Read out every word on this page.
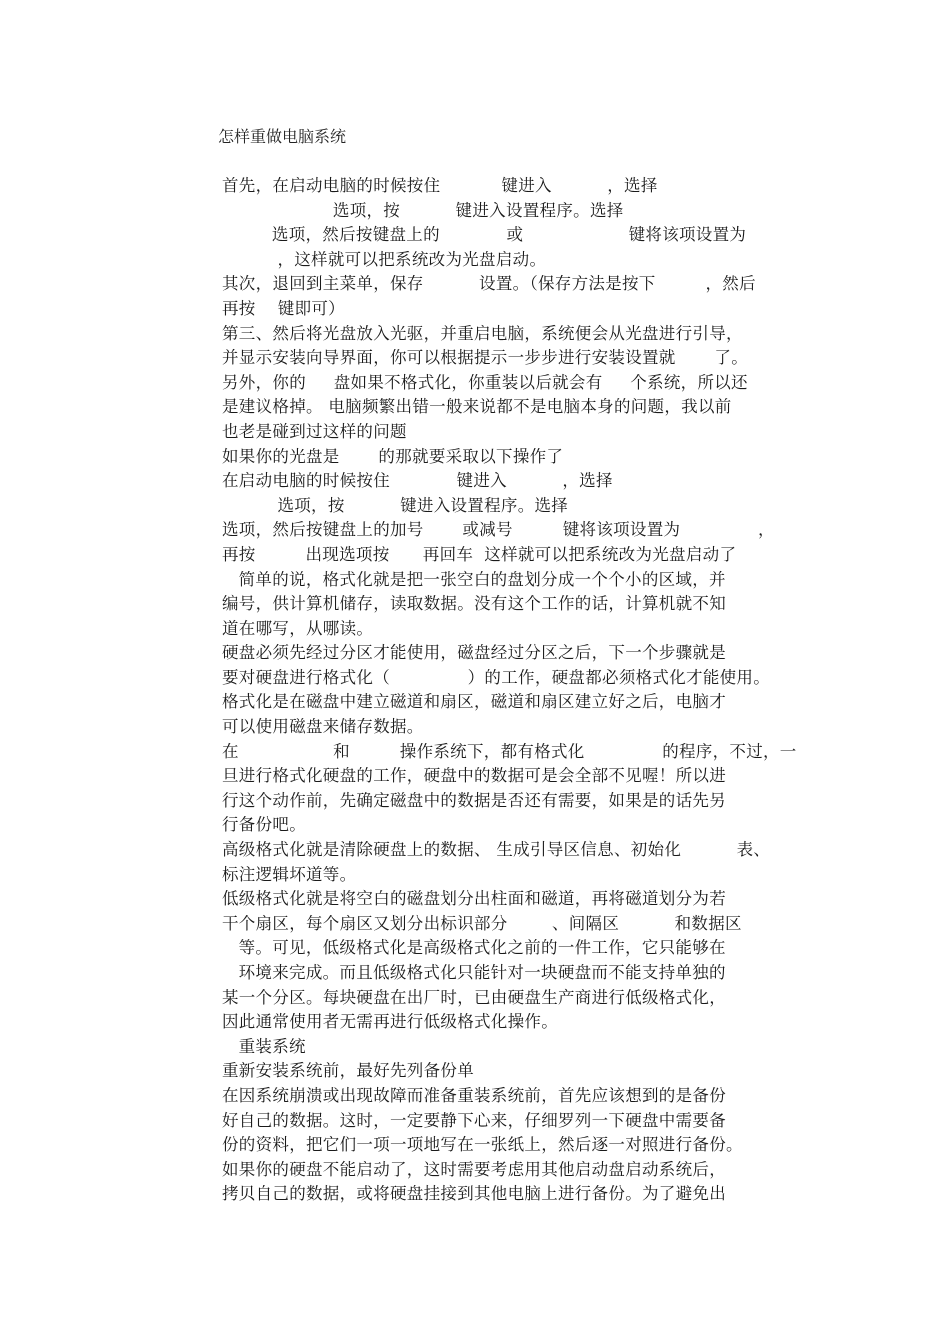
怎样重做电脑系统
首先，在启动电脑的时候按住           键进入          ，选择
选项，按          键进入设置程序。选择
选项，然后按键盘上的            或                   键将该项设置为
，这样就可以把系统改为光盘启动。
其次，退回到主菜单，保存          设置。（保存方法是按下         ，然后
再按    键即可）
第三、然后将光盘放入光驱，并重启电脑，系统便会从光盘进行引导，
并显示安装向导界面，你可以根据提示一步步进行安装设置就       了。
另外，你的     盘如果不格式化，你重装以后就会有     个系统，所以还
是建议格掉。 电脑频繁出错一般来说都不是电脑本身的问题，我以前
也老是碰到过这样的问题
如果你的光盘是       的那就要采取以下操作了
在启动电脑的时候按住            键进入          ，选择
选项，按          键进入设置程序。选择
选项，然后按键盘上的加号       或减号         键将该项设置为              ，
再按         出现选项按      再回车  这样就可以把系统改为光盘启动了
简单的说，格式化就是把一张空白的盘划分成一个个小的区域，并
编号，供计算机储存，读取数据。没有这个工作的话，计算机就不知
道在哪写，从哪读。
硬盘必须先经过分区才能使用，磁盘经过分区之后，下一个步骤就是
要对硬盘进行格式化（              ）的工作，硬盘都必须格式化才能使用。
格式化是在磁盘中建立磁道和扇区，磁道和扇区建立好之后，电脑才
可以使用磁盘来储存数据。
在                 和         操作系统下，都有格式化              的程序，不过，一
旦进行格式化硬盘的工作，硬盘中的数据可是会全部不见喔！所以进
行这个动作前，先确定磁盘中的数据是否还有需要，如果是的话先另
行备份吧。
高级格式化就是清除硬盘上的数据、 生成引导区信息、初始化          表、
标注逻辑坏道等。
低级格式化就是将空白的磁盘划分出柱面和磁道，再将磁道划分为若
干个扇区，每个扇区又划分出标识部分        、间隔区          和数据区
等。可见，低级格式化是高级格式化之前的一件工作，它只能够在
环境来完成。而且低级格式化只能针对一块硬盘而不能支持单独的
某一个分区。每块硬盘在出厂时，已由硬盘生产商进行低级格式化，
因此通常使用者无需再进行低级格式化操作。
重装系统
重新安装系统前，最好先列备份单
在因系统崩溃或出现故障而准备重装系统前，首先应该想到的是备份
好自己的数据。这时，一定要静下心来，仔细罗列一下硬盘中需要备
份的资料，把它们一项一项地写在一张纸上，然后逐一对照进行备份。
如果你的硬盘不能启动了，这时需要考虑用其他启动盘启动系统后，
拷贝自己的数据，或将硬盘挂接到其他电脑上进行备份。为了避免出
